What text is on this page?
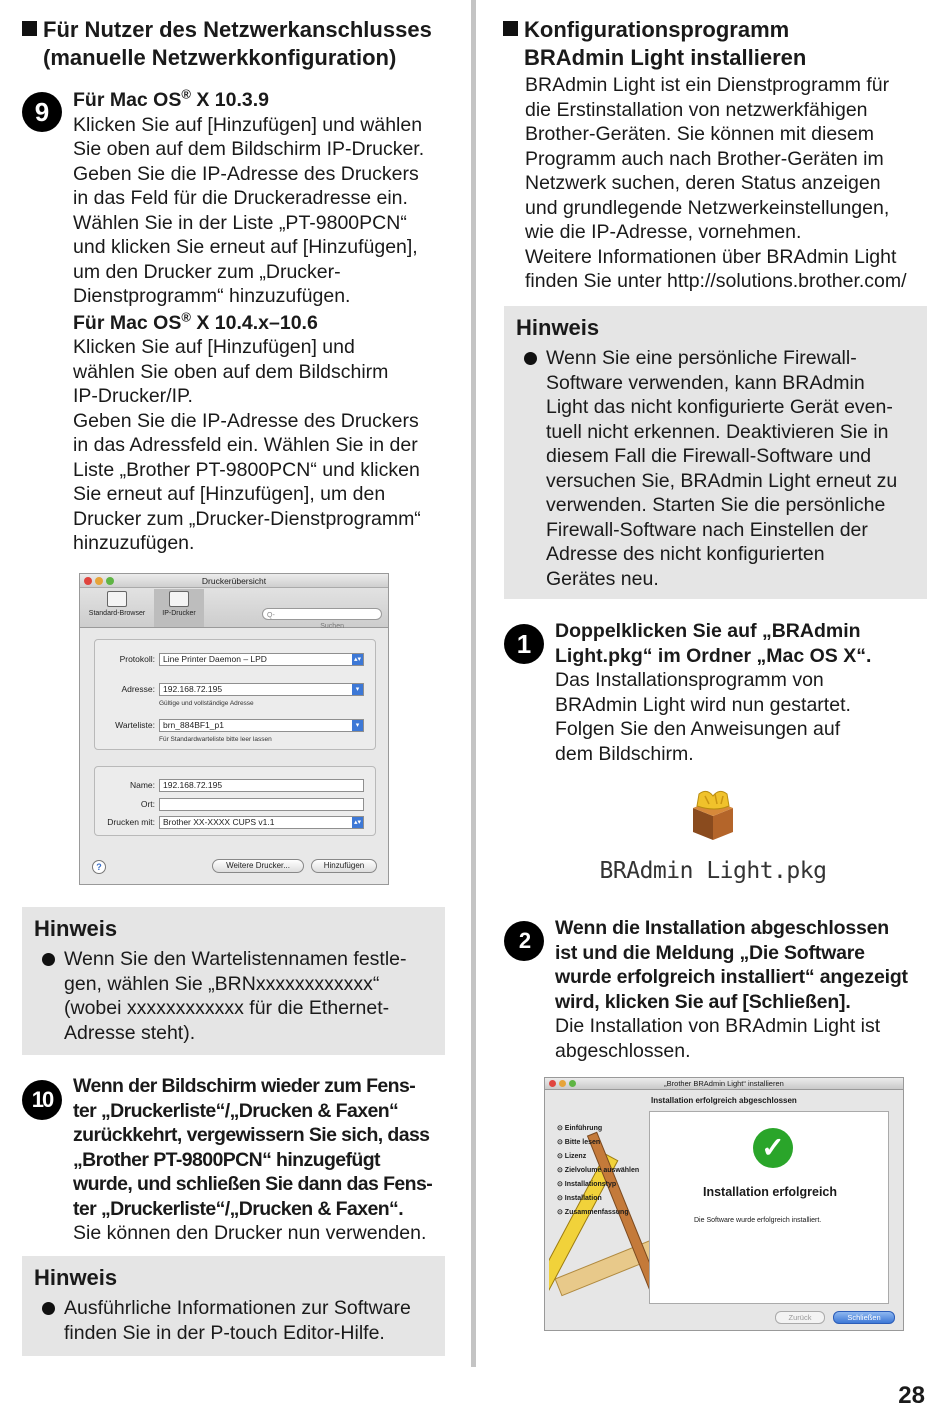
Für Nutzer des Netzwerkanschlusses
(manuelle Netzwerkkonfiguration)
9	Für Mac OS® X 10.3.9

Klicken Sie auf [Hinzufügen] und wählen
Sie oben auf dem Bildschirm IP-Drucker.
Geben Sie die IP-Adresse des Druckers
in das Feld für die Druckeradresse ein.
Wählen Sie in der Liste „PT-9800PCN“
und klicken Sie erneut auf [Hinzufügen],
um den Drucker zum „Drucker-
Dienstprogramm“ hinzuzufügen.

Für Mac OS® X 10.4.x–10.6

Klicken Sie auf [Hinzufügen] und
wählen Sie oben auf dem Bildschirm
IP-Drucker/IP.
Geben Sie die IP-Adresse des Druckers
in das Adressfeld ein. Wählen Sie in der
Liste „Brother PT-9800PCN“ und klicken
Sie erneut auf [Hinzufügen], um den
Drucker zum „Drucker-Dienstprogramm“
hinzuzufügen.
Druckerübersicht
Standard-Browser	IP-Drucker	Q-
Suchen
Protokoll: Line Printer Daemon – LPD	▴▾
Adresse: 192.168.72.195	▾
Gültige und vollständige Adresse
Warteliste: brn_884BF1_p1	▾
Für Standardwarteliste bitte leer lassen
Name: 192.168.72.195
Ort:
Drucken mit: Brother XX-XXXX CUPS v1.1	▴▾
?	Weitere Drucker...	Hinzufügen
Hinweis
Wenn Sie den Wartelistennamen festle-
gen, wählen Sie „BRNxxxxxxxxxxxx“
(wobei xxxxxxxxxxxx für die Ethernet-
Adresse steht).
10
Wenn der Bildschirm wieder zum Fens-
ter „Druckerliste“/„Drucken & Faxen“
zurückkehrt, vergewissern Sie sich, dass
„Brother PT-9800PCN“ hinzugefügt
wurde, und schließen Sie dann das Fens-
ter „Druckerliste“/„Drucken & Faxen“.

Sie können den Drucker nun verwenden.

Hinweis
Ausführliche Informationen zur Software
finden Sie in der P-touch Editor-Hilfe.
Konfigurationsprogramm
BRAdmin Light installieren
BRAdmin Light ist ein Dienstprogramm für
die Erstinstallation von netzwerkfähigen
Brother-Geräten. Sie können mit diesem
Programm auch nach Brother-Geräten im
Netzwerk suchen, deren Status anzeigen
und grundlegende Netzwerkeinstellungen,
wie die IP-Adresse, vornehmen.
Weitere Informationen über BRAdmin Light
finden Sie unter http://solutions.brother.com/
Hinweis
Wenn Sie eine persönliche Firewall-
Software verwenden, kann BRAdmin
Light das nicht konfigurierte Gerät even-
tuell nicht erkennen. Deaktivieren Sie in
diesem Fall die Firewall-Software und
versuchen Sie, BRAdmin Light erneut zu
verwenden. Starten Sie die persönliche
Firewall-Software nach Einstellen der
Adresse des nicht konfigurierten
Gerätes neu.
1	Doppelklicken Sie auf „BRAdmin
Light.pkg“ im Ordner „Mac OS X“.
Das Installationsprogramm von
BRAdmin Light wird nun gestartet.
Folgen Sie den Anweisungen auf
dem Bildschirm.
BRAdmin Light.pkg
2	Wenn die Installation abgeschlossen
ist und die Meldung „Die Software
wurde erfolgreich installiert“ angezeigt
wird, klicken Sie auf [Schließen].
Die Installation von BRAdmin Light ist
abgeschlossen.
„Brother BRAdmin Light“ installieren
Installation erfolgreich abgeschlossen
⊙ Einführung
⊙ Bitte lesen
⊙ Lizenz
⊙ Zielvolume auswählen
⊙ Installationstyp
⊙ Installation
⊙ Zusammenfassung
✓
Installation erfolgreich
Die Software wurde erfolgreich installiert.
Zurück	Schließen
28
